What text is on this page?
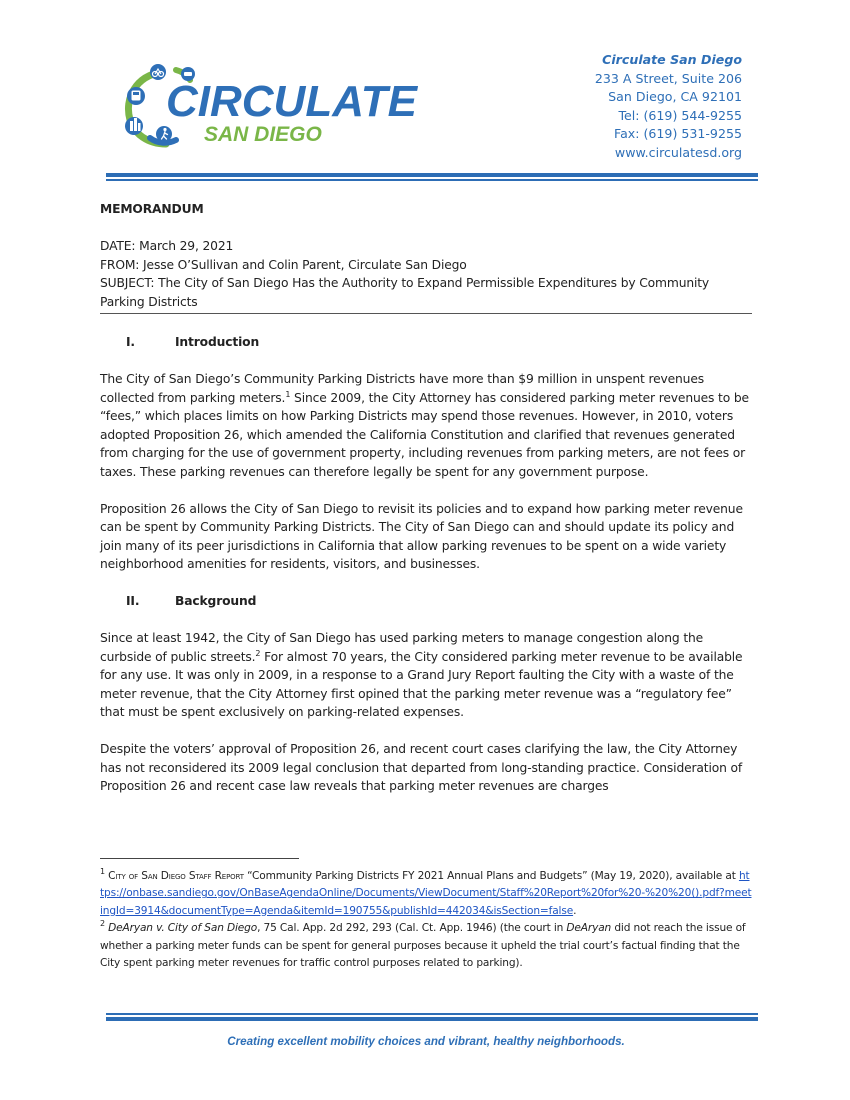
CIRCULATE
SAN DIEGO
Circulate San Diego
233 A Street, Suite 206
San Diego, CA 92101
Tel: (619) 544-9255
Fax: (619) 531-9255
www.circulatesd.org

MEMORANDUM

DATE: March 29, 2021

FROM: Jesse O’Sullivan and Colin Parent, Circulate San Diego

SUBJECT: The City of San Diego Has the Authority to Expand Permissible Expenditures by Community Parking Districts

I.	Introduction

The City of San Diego’s Community Parking Districts have more than $9 million in unspent revenues collected from parking meters.$^1$ Since 2009, the City Attorney has considered parking meter revenues to be “fees,” which places limits on how Parking Districts may spend those revenues. However, in 2010, voters adopted Proposition 26, which amended the California Constitution and clarified that revenues generated from charging for the use of government property, including revenues from parking meters, are not fees or taxes. These parking revenues can therefore legally be spent for any government purpose.

Proposition 26 allows the City of San Diego to revisit its policies and to expand how parking meter revenue can be spent by Community Parking Districts. The City of San Diego can and should update its policy and join many of its peer jurisdictions in California that allow parking revenues to be spent on a wide variety neighborhood amenities for residents, visitors, and businesses.

II.	Background

Since at least 1942, the City of San Diego has used parking meters to manage congestion along the curbside of public streets.$^2$ For almost 70 years, the City considered parking meter revenue to be available for any use. It was only in 2009, in a response to a Grand Jury Report faulting the City with a waste of the meter revenue, that the City Attorney first opined that the parking meter revenue was a “regulatory fee” that must be spent exclusively on parking-related expenses.

Despite the voters’ approval of Proposition 26, and recent court cases clarifying the law, the City Attorney has not reconsidered its 2009 legal conclusion that departed from long-standing practice. Consideration of Proposition 26 and recent case law reveals that parking meter revenues are charges

$^1$ City of San Diego Staff Report “Community Parking Districts FY 2021 Annual Plans and Budgets” (May 19, 2020), available at https://onbase.sandiego.gov/OnBaseAgendaOnline/Documents/ViewDocument/Staff%20Report%20for%20-%20%20().pdf?meetingId=3914&documentType=Agenda&itemId=190755&publishId=442034&isSection=false.

$^2$ DeAryan v. City of San Diego, 75 Cal. App. 2d 292, 293 (Cal. Ct. App. 1946) (the court in DeAryan did not reach the issue of whether a parking meter funds can be spent for general purposes because it upheld the trial court’s factual finding that the City spent parking meter revenues for traffic control purposes related to parking).

Creating excellent mobility choices and vibrant, healthy neighborhoods.
